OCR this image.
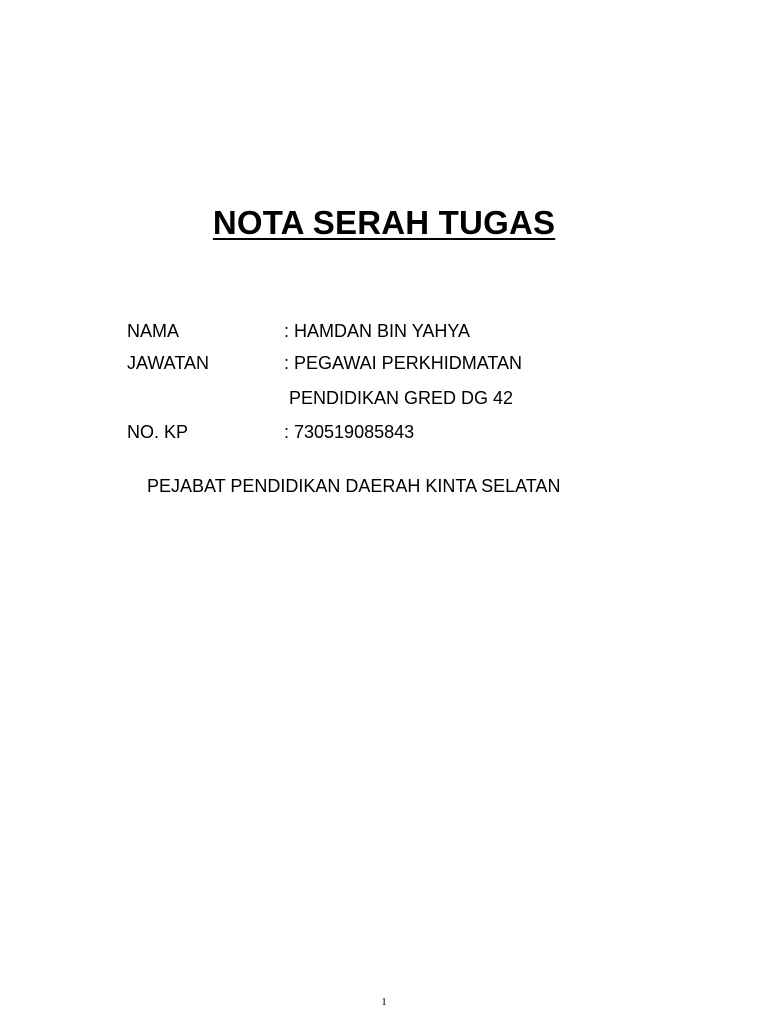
NOTA SERAH TUGAS
NAMA	: HAMDAN BIN YAHYA
JAWATAN	: PEGAWAI PERKHIDMATAN
PENDIDIKAN GRED DG 42
NO. KP	: 730519085843
PEJABAT PENDIDIKAN DAERAH KINTA SELATAN
1
